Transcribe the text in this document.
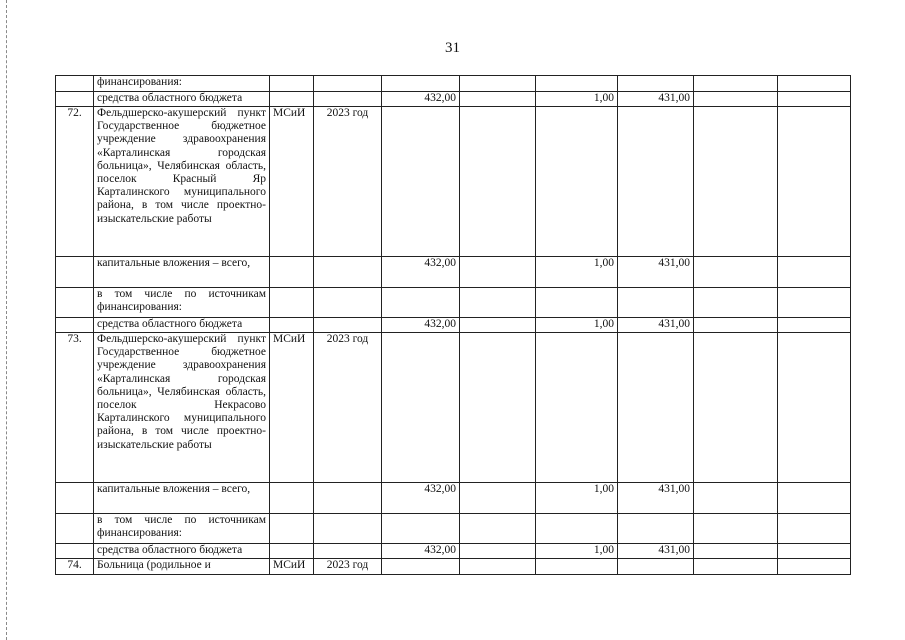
31
	финансирования:								
	средства областного бюджета			432,00		1,00	431,00		
72.	Фельдшерско-акушерский пункт Государственное бюджетное учреждение здравоохранения «Карталинская городская больница», Челябинская область, поселок Красный Яр Карталинского муниципального района, в том числе проектно-изыскательские работы	МСиИ	2023 год						
	капитальные вложения – всего,			432,00		1,00	431,00		
	в том числе по источникам финансирования:								
	средства областного бюджета			432,00		1,00	431,00		
73.	Фельдшерско-акушерский пункт Государственное бюджетное учреждение здравоохранения «Карталинская городская больница», Челябинская область, поселок Некрасово Карталинского муниципального района, в том числе проектно-изыскательские работы	МСиИ	2023 год						
	капитальные вложения – всего,			432,00		1,00	431,00		
	в том числе по источникам финансирования:								
	средства областного бюджета			432,00		1,00	431,00		
74.	Больница (родильное и	МСиИ	2023 год						
